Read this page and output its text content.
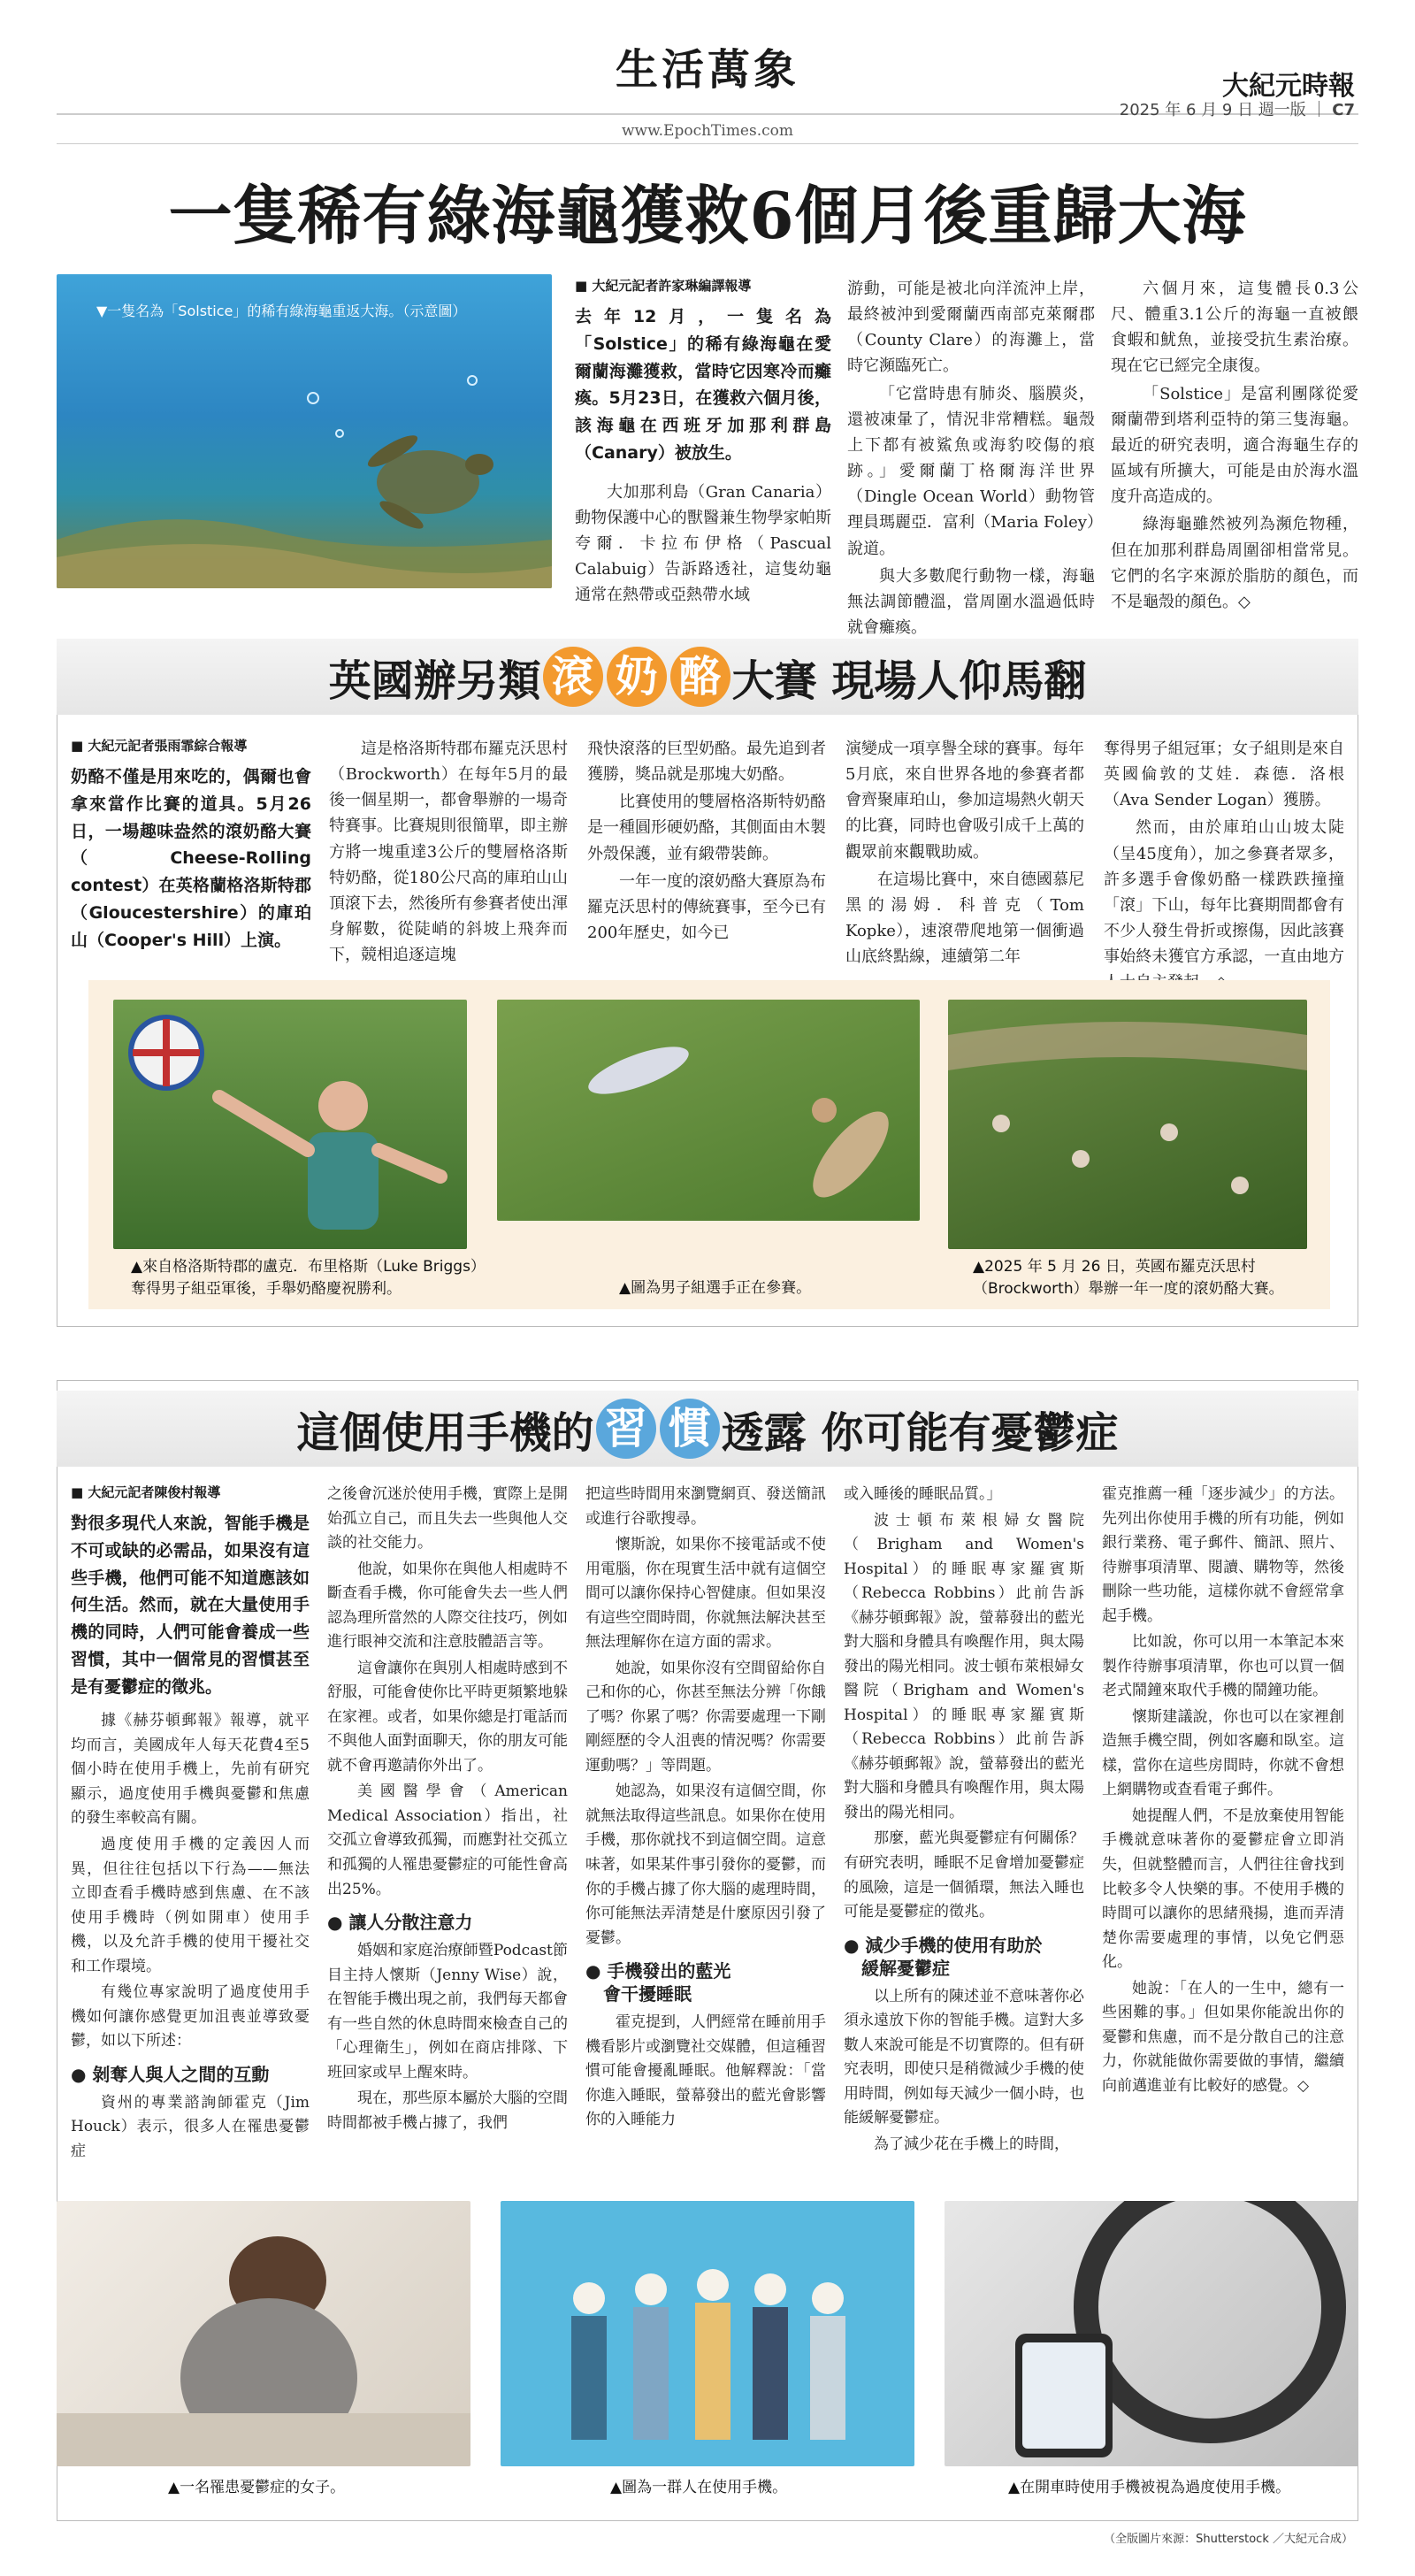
生活萬象
www.EpochTimes.com
大紀元時報
2025 年 6 月 9 日 週一版 ｜ C7
一隻稀有綠海龜獲救6個月後重歸大海
▼一隻名為「Solstice」的稀有綠海龜重返大海。（示意圖）
■ 大紀元記者許家琳編譯報導
去年12月，一隻名為「Solstice」的稀有綠海龜在愛爾蘭海灘獲救，當時它因寒冷而癱瘓。5月23日，在獲救六個月後，該海龜在西班牙加那利群島（Canary）被放生。

大加那利島（Gran Canaria）動物保護中心的獸醫兼生物學家帕斯夸爾．卡拉布伊格（Pascual Calabuig）告訴路透社，這隻幼龜通常在熱帶或亞熱帶水域

游動，可能是被北向洋流沖上岸，最終被沖到愛爾蘭西南部克萊爾郡（County Clare）的海灘上，當時它瀕臨死亡。

「它當時患有肺炎、腦膜炎，還被凍暈了，情況非常糟糕。龜殼上下都有被鯊魚或海豹咬傷的痕跡。」愛爾蘭丁格爾海洋世界（Dingle Ocean World）動物管理員瑪麗亞．富利（Maria Foley）說道。

與大多數爬行動物一樣，海龜無法調節體溫，當周圍水溫過低時就會癱瘓。

六個月來，這隻體長0.3公尺、體重3.1公斤的海龜一直被餵食蝦和魷魚，並接受抗生素治療。現在它已經完全康復。

「Solstice」是富利團隊從愛爾蘭帶到塔利亞特的第三隻海龜。最近的研究表明，適合海龜生存的區域有所擴大，可能是由於海水溫度升高造成的。

綠海龜雖然被列為瀕危物種，但在加那利群島周圍卻相當常見。它們的名字來源於脂肪的顏色，而不是龜殼的顏色。◇

英國辦另類 滾 奶 酪 大賽 現場人仰馬翻
■ 大紀元記者張雨霏綜合報導
奶酪不僅是用來吃的，偶爾也會拿來當作比賽的道具。5月26日，一場趣味盎然的滾奶酪大賽（Cheese-Rolling contest）在英格蘭格洛斯特郡（Gloucestershire）的庫珀山（Cooper's Hill）上演。

這是格洛斯特郡布羅克沃思村（Brockworth）在每年5月的最後一個星期一，都會舉辦的一場奇特賽事。比賽規則很簡單，即主辦方將一塊重達3公斤的雙層格洛斯特奶酪，從180公尺高的庫珀山山頂滾下去，然後所有參賽者使出渾身解數，從陡峭的斜坡上飛奔而下，競相追逐這塊

飛快滾落的巨型奶酪。最先追到者獲勝，獎品就是那塊大奶酪。

比賽使用的雙層格洛斯特奶酪是一種圓形硬奶酪，其側面由木製外殼保護，並有緞帶裝飾。

一年一度的滾奶酪大賽原為布羅克沃思村的傳統賽事，至今已有200年歷史，如今已

演變成一項享譽全球的賽事。每年5月底，來自世界各地的參賽者都會齊聚庫珀山，參加這場熱火朝天的比賽，同時也會吸引成千上萬的觀眾前來觀戰助威。

在這場比賽中，來自德國慕尼黑的湯姆．科普克（Tom Kopke），速滾帶爬地第一個衝過山底終點線，連續第二年

奪得男子組冠軍；女子組則是來自英國倫敦的艾娃．森德．洛根（Ava Sender Logan）獲勝。

然而，由於庫珀山山坡太陡（呈45度角），加之參賽者眾多，許多選手會像奶酪一樣跌跌撞撞「滾」下山，每年比賽期間都會有不少人發生骨折或擦傷，因此該賽事始終未獲官方承認，一直由地方

▲來自格洛斯特郡的盧克．布里格斯（Luke Briggs）奪得男子組亞軍後，手舉奶酪慶祝勝利。	▲圖為男子組選手正在參賽。
▲2025 年 5 月 26 日，英國布羅克沃思村（Brockworth）舉辦一年一度的滾奶酪大賽。
這個使用手機的 習 慣 透露 你可能有憂鬱症
■ 大紀元記者陳俊村報導
對很多現代人來說，智能手機是不可或缺的必需品，如果沒有這些手機，他們可能不知道應該如何生活。然而，就在大量使用手機的同時，人們可能會養成一些習慣，其中一個常見的習慣甚至是有憂鬱症的徵兆。

據《赫芬頓郵報》報導，就平均而言，美國成年人每天花費4至5個小時在使用手機上，先前有研究顯示，過度使用手機與憂鬱和焦慮的發生率較高有關。

過度使用手機的定義因人而異，但往往包括以下行為——無法立即查看手機時感到焦慮、在不該使用手機時（例如開車）使用手機，以及允許手機的使用干擾社交和工作環境。

有幾位專家說明了過度使用手機如何讓你感覺更加沮喪並導致憂鬱，如以下所述：

● 剝奪人與人之間的互動

資州的專業諮詢師霍克（Jim Houck）表示，很多人在罹患憂鬱症

之後會沉迷於使用手機，實際上是開始孤立自己，而且失去一些與他人交談的社交能力。

他說，如果你在與他人相處時不斷查看手機，你可能會失去一些人們認為理所當然的人際交往技巧，例如進行眼神交流和注意肢體語言等。

這會讓你在與別人相處時感到不舒服，可能會使你比平時更頻繁地躲在家裡。或者，如果你總是打電話而不與他人面對面聊天，你的朋友可能就不會再邀請你外出了。

美國醫學會（American Medical Association）指出，社交孤立會導致孤獨，而應對社交孤立和孤獨的人罹患憂鬱症的可能性會高出25%。

● 讓人分散注意力

婚姻和家庭治療師暨Podcast節目主持人懷斯（Jenny Wise）說，在智能手機出現之前，我們每天都會有一些自然的休息時間來檢查自己的「心理衛生」，例如在商店排隊、下班回家或早上醒來時。

現在，那些原本屬於大腦的空間時間都被手機占據了，我們

把這些時間用來瀏覽網頁、發送簡訊或進行谷歌搜尋。

懷斯說，如果你不接電話或不使用電腦，你在現實生活中就有這個空間可以讓你保持心智健康。但如果沒有這些空間時間，你就無法解決甚至無法理解你在這方面的需求。

她說，如果你沒有空間留給你自己和你的心，你甚至無法分辨「你餓了嗎？你累了嗎？你需要處理一下剛剛經歷的令人沮喪的情況嗎？你需要運動嗎？」等問題。

她認為，如果沒有這個空間，你就無法取得這些訊息。如果你在使用手機，那你就找不到這個空間。這意味著，如果某件事引發你的憂鬱，而你的手機占據了你大腦的處理時間，你可能無法弄清楚是什麼原因引發了憂鬱。

● 手機發出的藍光
　會干擾睡眠

霍克提到，人們經常在睡前用手機看影片或瀏覽社交媒體，但這種習慣可能會擾亂睡眠。他解釋說：「當你進入睡眠，螢幕發出的藍光會影響你的入睡能力

或入睡後的睡眠品質。」

波士頓布萊根婦女醫院（Brigham and Women's Hospital）的睡眠專家羅賓斯（Rebecca Robbins）此前告訴《赫芬頓郵報》說，螢幕發出的藍光對大腦和身體具有喚醒作用，與太陽發出的陽光相同。波士頓布萊根婦女醫院（Brigham and Women's Hospital）的睡眠專家羅賓斯（Rebecca Robbins）此前告訴《赫芬頓郵報》說，螢幕發出的藍光對大腦和身體具有喚醒作用，與太陽發出的陽光相同。

那麼，藍光與憂鬱症有何關係？有研究表明，睡眠不足會增加憂鬱症的風險，這是一個循環，無法入睡也可能是憂鬱症的徵兆。

● 減少手機的使用有助於
　緩解憂鬱症

以上所有的陳述並不意味著你必須永遠放下你的智能手機。這對大多數人來說可能是不切實際的。但有研究表明，即使只是稍微減少手機的使用時間，例如每天減少一個小時，也能緩解憂鬱症。

為了減少花在手機上的時間，

霍克推薦一種「逐步減少」的方法。先列出你使用手機的所有功能，例如銀行業務、電子郵件、簡訊、照片、待辦事項清單、閱讀、購物等，然後刪除一些功能，這樣你就不會經常拿起手機。

比如說，你可以用一本筆記本來製作待辦事項清單，你也可以買一個老式鬧鐘來取代手機的鬧鐘功能。

懷斯建議說，你也可以在家裡創造無手機空間，例如客廳和臥室。這樣，當你在這些房間時，你就不會想上網購物或查看電子郵件。

她提醒人們，不是放棄使用智能手機就意味著你的憂鬱症會立即消失，但就整體而言，人們往往會找到比較多令人快樂的事。不使用手機的時間可以讓你的思緒飛揚，進而弄清楚你需要處理的事情，以免它們惡化。

她說：「在人的一生中，總有一些困難的事。」但如果你能說出你的憂鬱和焦慮，而不是分散自己的注意力，你就能做你需要做的事情，繼續向前邁進並有比較好的感覺。◇

▲一名罹患憂鬱症的女子。	▲圖為一群人在使用手機。	▲在開車時使用手機被視為過度使用手機。
（全版圖片來源：Shutterstock ／大紀元合成）
